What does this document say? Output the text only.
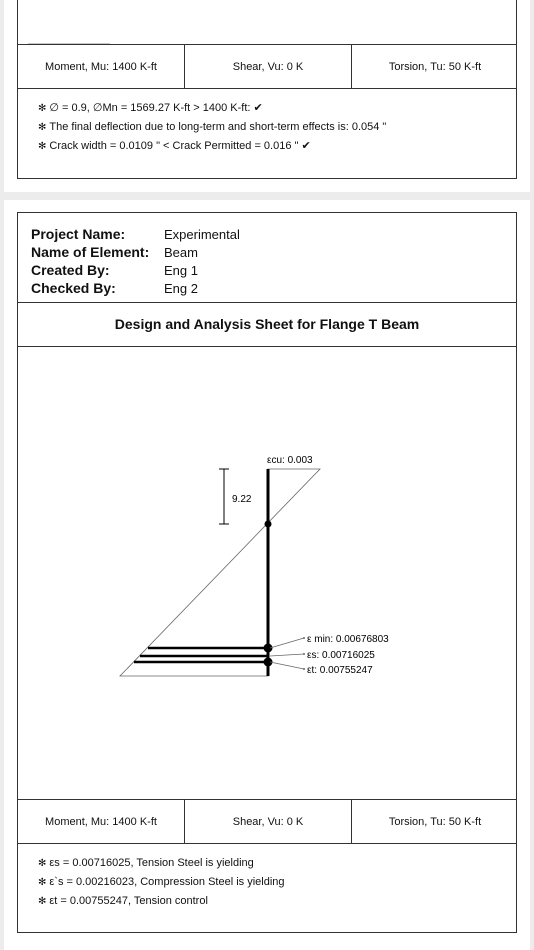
Moment, Mu: 1400 K-ft	Shear, Vu: 0 K	Torsion, Tu: 50 K-ft
✻ ∅ = 0.9, ∅Mn = 1569.27 K-ft > 1400 K-ft: ✔
✻ The final deflection due to long-term and short-term effects is: 0.054 "
✻ Crack width = 0.0109 " < Crack Permitted = 0.016 " ✔
Project Name:	Experimental
Name of Element:	Beam
Created By:	Eng 1
Checked By:	Eng 2
Design and Analysis Sheet for Flange T Beam
9.22
εcu: 0.003
ε min: 0.00676803
εs: 0.00716025
εt: 0.00755247
Moment, Mu: 1400 K-ft	Shear, Vu: 0 K	Torsion, Tu: 50 K-ft
✻ εs = 0.00716025, Tension Steel is yielding
✻ ε`s = 0.00216023, Compression Steel is yielding
✻ εt = 0.00755247, Tension control
